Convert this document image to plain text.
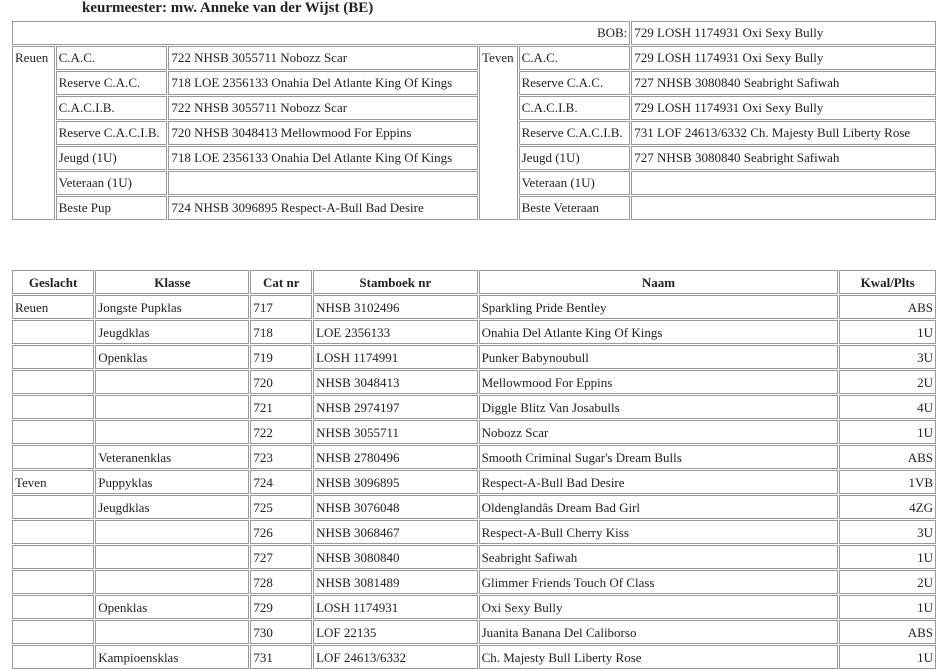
keurmeester: mw. Anneke van der Wijst (BE)
BOB:					729 LOSH 1174931 Oxi Sexy Bully
Reuen	C.A.C.	722 NHSB 3055711 Nobozz Scar	Teven	C.A.C.	729 LOSH 1174931 Oxi Sexy Bully
	Reserve C.A.C.	718 LOE 2356133 Onahia Del Atlante King Of Kings		Reserve C.A.C.	727 NHSB 3080840 Seabright Safiwah
	C.A.C.I.B.	722 NHSB 3055711 Nobozz Scar		C.A.C.I.B.	729 LOSH 1174931 Oxi Sexy Bully
	Reserve C.A.C.I.B.	720 NHSB 3048413 Mellowmood For Eppins		Reserve C.A.C.I.B.	731 LOF 24613/6332 Ch. Majesty Bull Liberty Rose
	Jeugd (1U)	718 LOE 2356133 Onahia Del Atlante King Of Kings		Jeugd (1U)	727 NHSB 3080840 Seabright Safiwah
	Veteraan (1U)			Veteraan (1U)	
	Beste Pup	724 NHSB 3096895 Respect-A-Bull Bad Desire		Beste Veteraan	
Geslacht	Klasse	Cat nr	Stamboek nr	Naam	Kwal/Plts
Reuen	Jongste Pupklas	717	NHSB 3102496	Sparkling Pride Bentley	ABS
	Jeugdklas	718	LOE 2356133	Onahia Del Atlante King Of Kings	1U
	Openklas	719	LOSH 1174991	Punker Babynoubull	3U
		720	NHSB 3048413	Mellowmood For Eppins	2U
		721	NHSB 2974197	Diggle Blitz Van Josabulls	4U
		722	NHSB 3055711	Nobozz Scar	1U
	Veteranenklas	723	NHSB 2780496	Smooth Criminal Sugar's Dream Bulls	ABS
Teven	Puppyklas	724	NHSB 3096895	Respect-A-Bull Bad Desire	1VB
	Jeugdklas	725	NHSB 3076048	Oldenglandâs Dream Bad Girl	4ZG
		726	NHSB 3068467	Respect-A-Bull Cherry Kiss	3U
		727	NHSB 3080840	Seabright Safiwah	1U
		728	NHSB 3081489	Glimmer Friends Touch Of Class	2U
	Openklas	729	LOSH 1174931	Oxi Sexy Bully	1U
		730	LOF 22135	Juanita Banana Del Caliborso	ABS
	Kampioensklas	731	LOF 24613/6332	Ch. Majesty Bull Liberty Rose	1U
